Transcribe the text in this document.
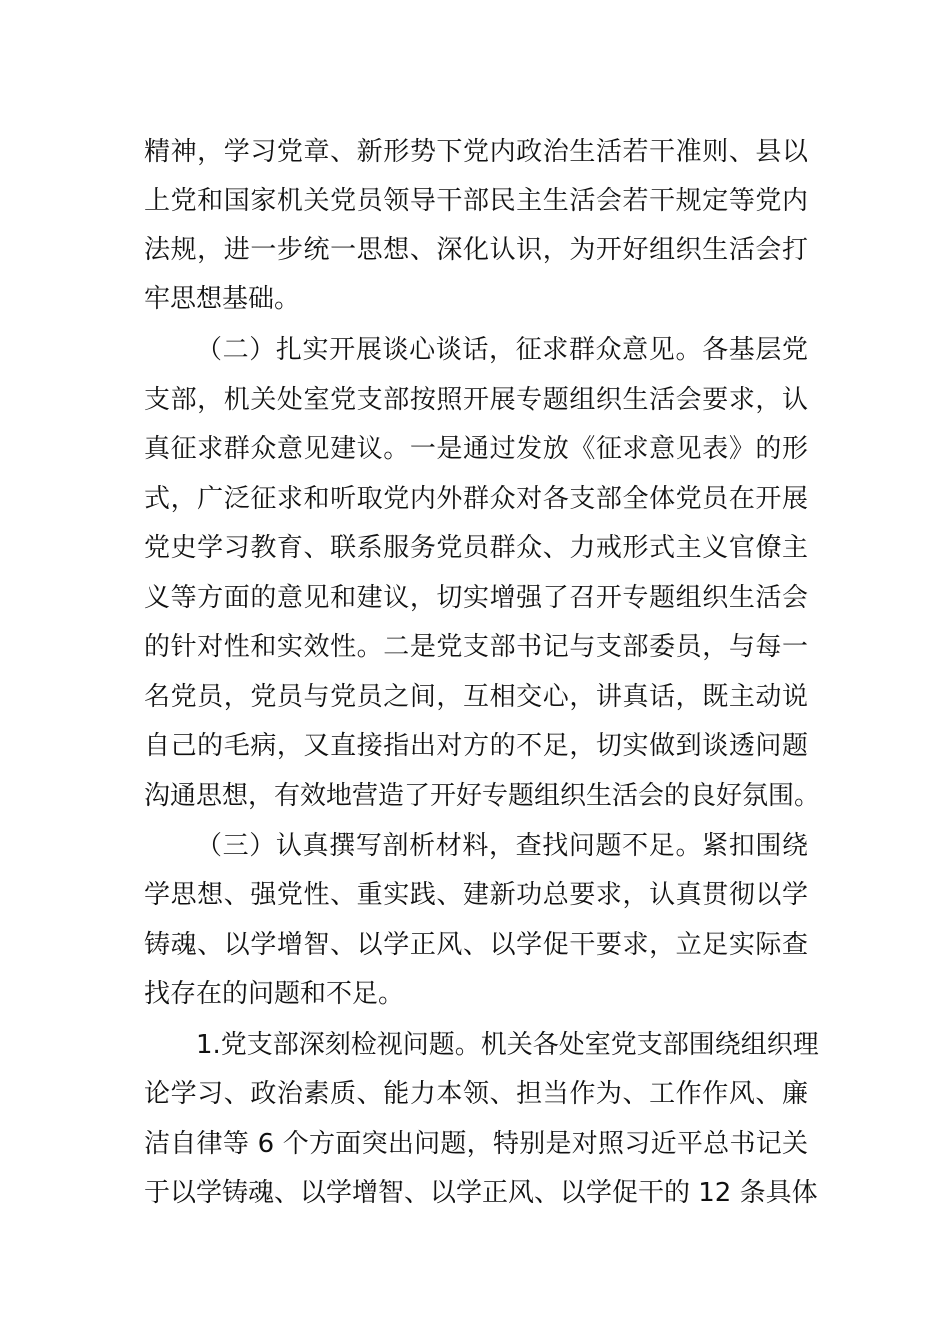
精神，学习党章、新形势下党内政治生活若干准则、县以
上党和国家机关党员领导干部民主生活会若干规定等党内
法规，进一步统一思想、深化认识，为开好组织生活会打
牢思想基础。
（二）扎实开展谈心谈话，征求群众意见。各基层党
支部，机关处室党支部按照开展专题组织生活会要求，认
真征求群众意见建议。一是通过发放《征求意见表》的形
式，广泛征求和听取党内外群众对各支部全体党员在开展
党史学习教育、联系服务党员群众、力戒形式主义官僚主
义等方面的意见和建议，切实增强了召开专题组织生活会
的针对性和实效性。二是党支部书记与支部委员，与每一
名党员，党员与党员之间，互相交心，讲真话，既主动说
自己的毛病，又直接指出对方的不足，切实做到谈透问题
沟通思想，有效地营造了开好专题组织生活会的良好氛围。
（三）认真撰写剖析材料，查找问题不足。紧扣围绕
学思想、强党性、重实践、建新功总要求，认真贯彻以学
铸魂、以学增智、以学正风、以学促干要求，立足实际查
找存在的问题和不足。
1.党支部深刻检视问题。机关各处室党支部围绕组织理
论学习、政治素质、能力本领、担当作为、工作作风、廉
洁自律等 6 个方面突出问题，特别是对照习近平总书记关
于以学铸魂、以学增智、以学正风、以学促干的 12 条具体
